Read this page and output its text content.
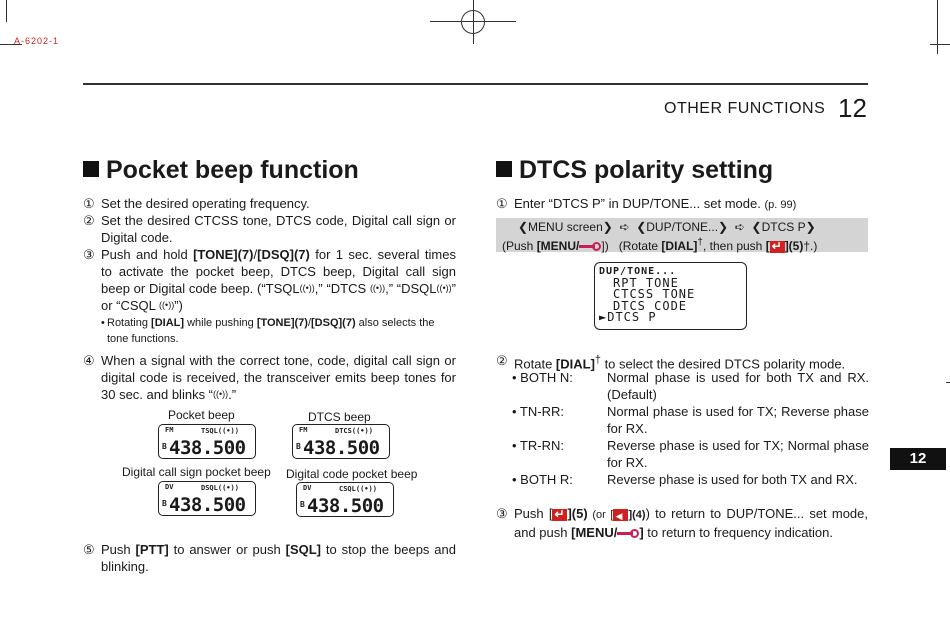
A-6202-1
OTHER FUNCTIONS 12
12
Pocket beep function
① Set the desired operating frequency.
② Set the desired CTCSS tone, DTCS code, Digital call sign or Digital code.
③ Push and hold [TONE](7)/[DSQ](7) for 1 sec. several times to activate the pocket beep, DTCS beep, Digital call sign beep or Digital code beep. (“TSQL((•)),” “DTCS ((•)),” “DSQL((•))” or “CSQL ((•))”)
• Rotating [DIAL] while pushing [TONE](7)/[DSQ](7) also selects the tone functions.
④ When a signal with the correct tone, code, digital call sign or digital code is received, the transceiver emits beep tones for 30 sec. and blinks “((•)).”
Pocket beep
FM	TSQL((•))
B 438.500
DTCS beep
FM	DTCS((•))
B 438.500
Digital call sign pocket beep
DV	DSQL((•))
B 438.500
Digital code pocket beep
DV	CSQL((•))
B 438.500
⑤ Push [PTT] to answer or push [SQL] to stop the beeps and blinking.
DTCS polarity setting
① Enter “DTCS P” in DUP/TONE... set mode. (p. 99)
❮MENU screen❯ ➪ ❮DUP/TONE...❯ ➪ ❮DTCS P❯
(Push [MENU/ ]) (Rotate [DIAL]†, then push [ ↵ ](5)†.)
DUP/TONE...
RPT TONE
CTCSS TONE
DTCS CODE
►DTCS P
② Rotate [DIAL]† to select the desired DTCS polarity mode.
• BOTH N:	Normal phase is used for both TX and RX. (Default)
• TN-RR:	Normal phase is used for TX; Reverse phase for RX.
• TR-RN:	Reverse phase is used for TX; Normal phase for RX.
• BOTH R:	Reverse phase is used for both TX and RX.
③ Push [ ↵ ](5) (or [ ◀ ](4)) to return to DUP/TONE... set mode, and push [MENU/ ] to return to frequency indication.
